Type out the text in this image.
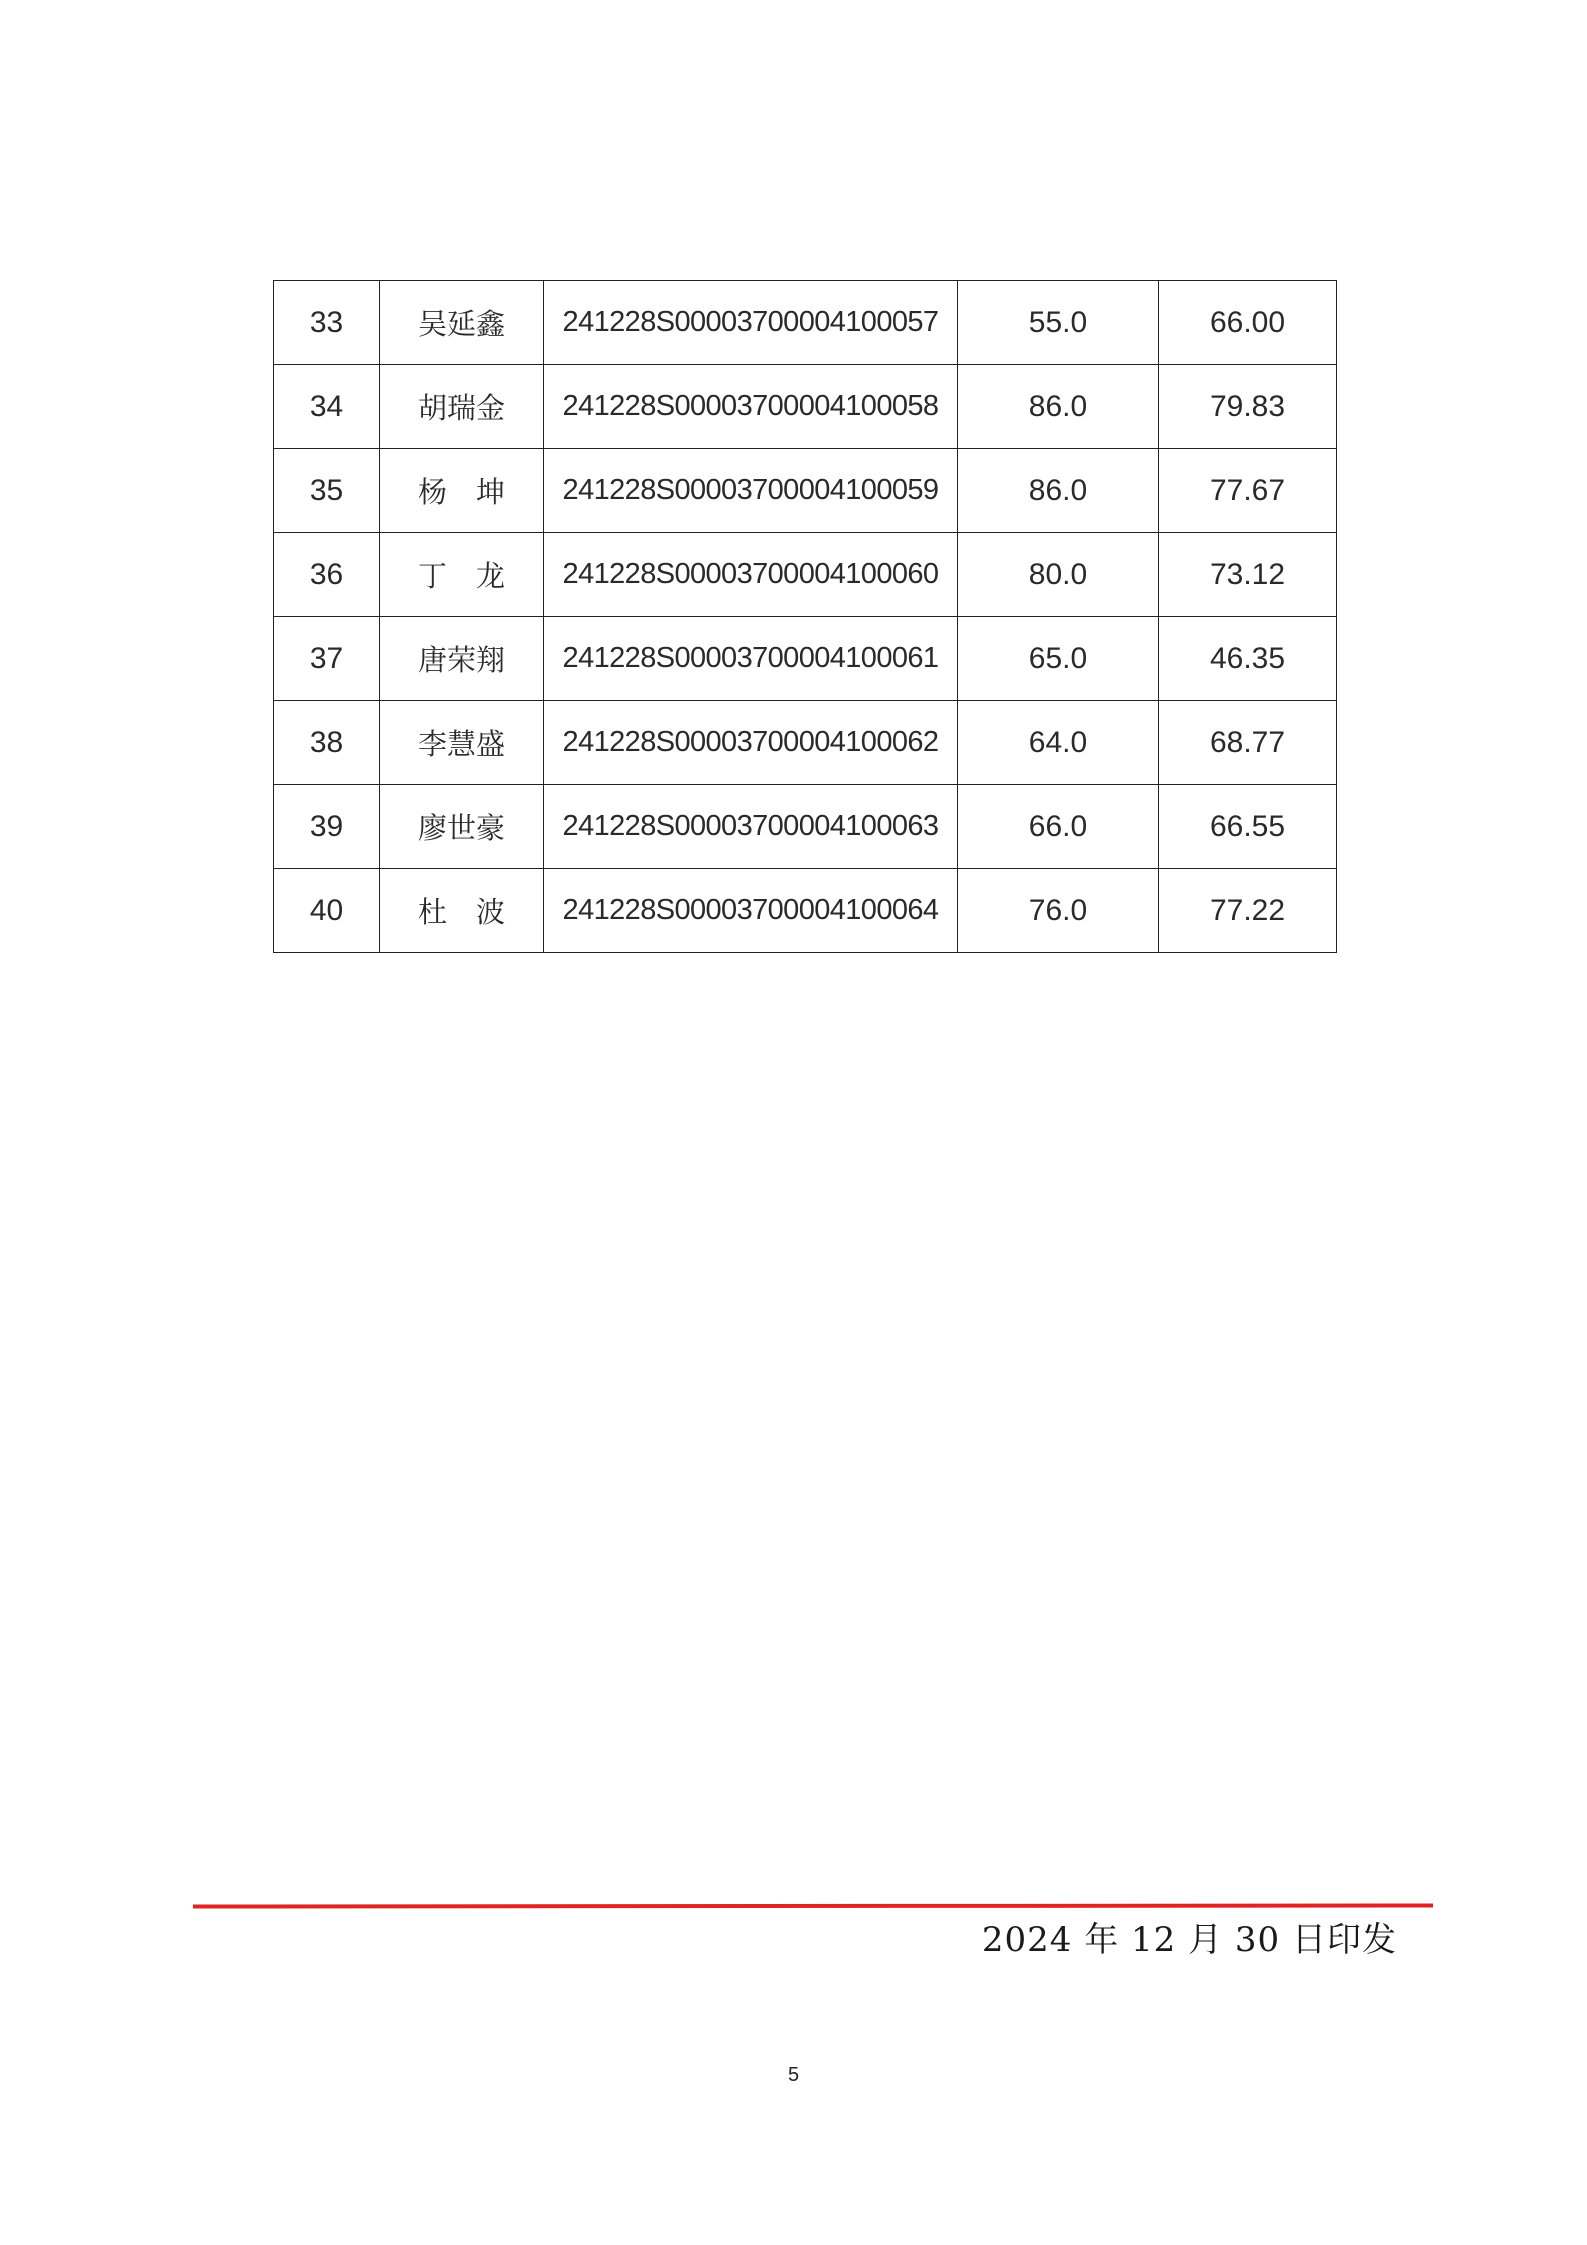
33	吴延鑫	241228S00003700004100057	55.0	66.00
34	胡瑞金	241228S00003700004100058	86.0	79.83
35	杨　坤	241228S00003700004100059	86.0	77.67
36	丁　龙	241228S00003700004100060	80.0	73.12
37	唐荣翔	241228S00003700004100061	65.0	46.35
38	李慧盛	241228S00003700004100062	64.0	68.77
39	廖世豪	241228S00003700004100063	66.0	66.55
40	杜　波	241228S00003700004100064	76.0	77.22
2024 年 12 月 30 日印发
5
